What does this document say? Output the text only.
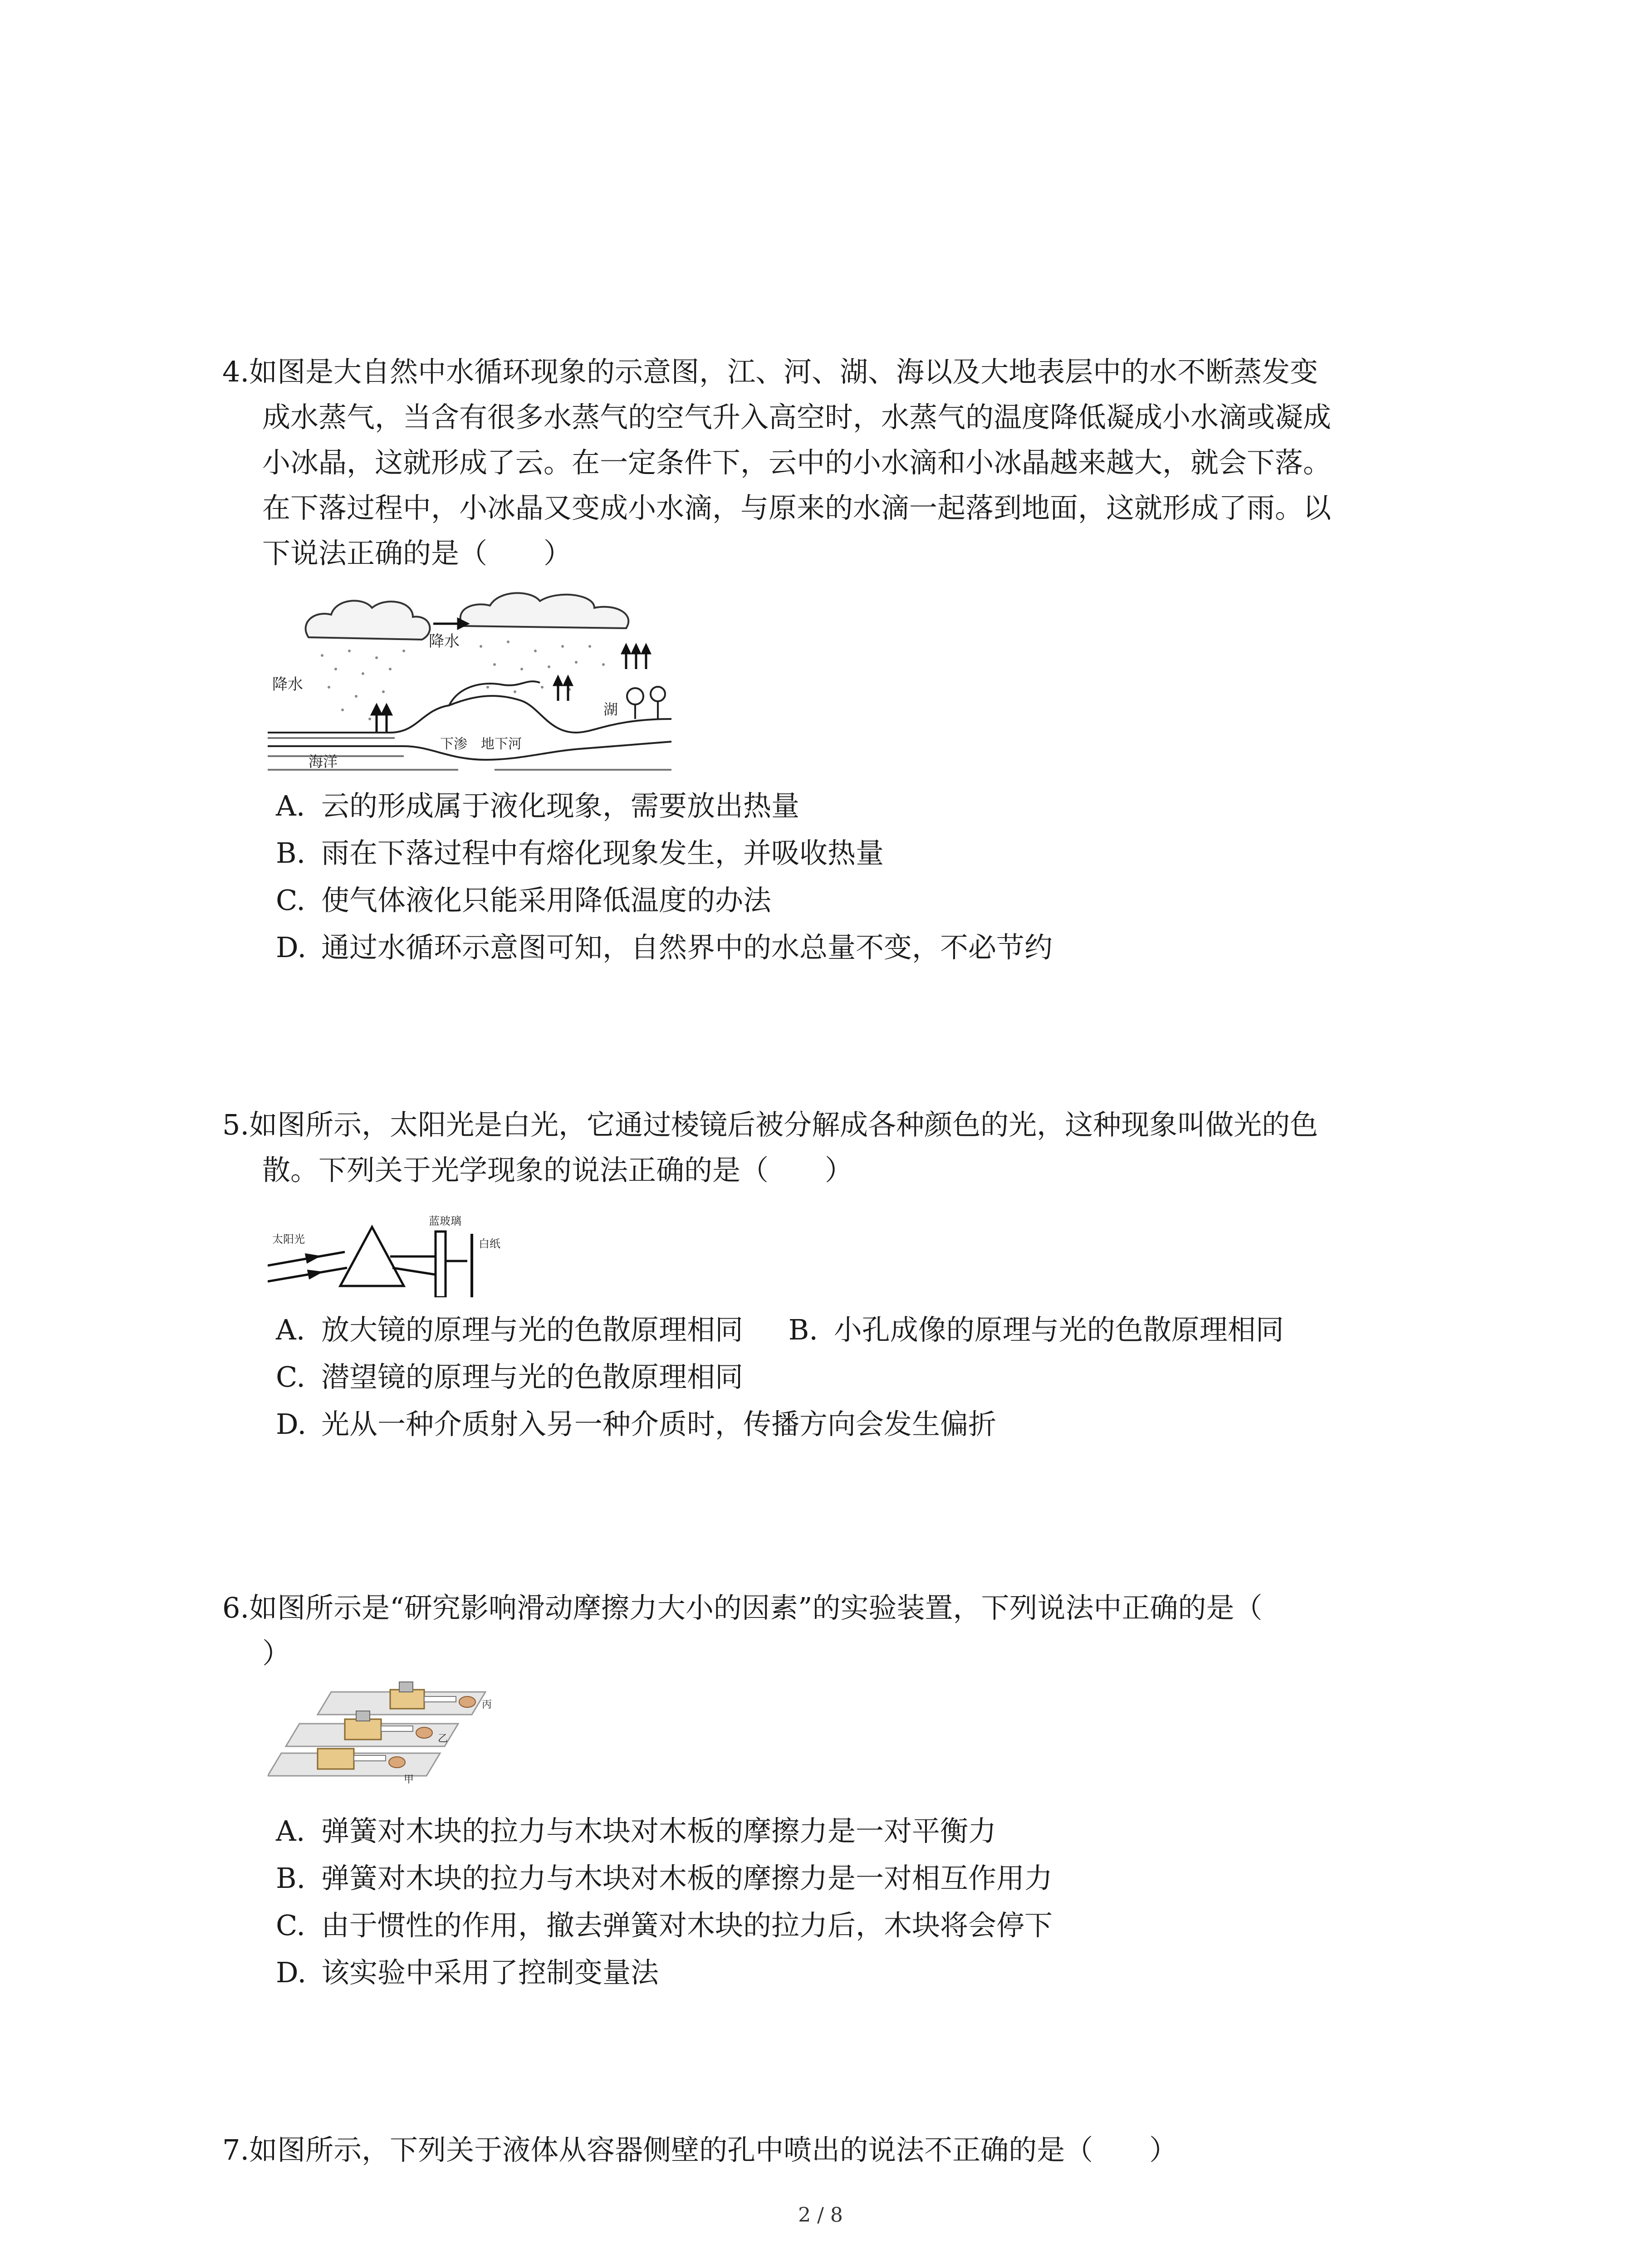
4.如图是大自然中水循环现象的示意图，江、河、湖、海以及大地表层中的水不断蒸发变
成水蒸气，当含有很多水蒸气的空气升入高空时，水蒸气的温度降低凝成小水滴或凝成
小冰晶，这就形成了云。在一定条件下，云中的小水滴和小冰晶越来越大，就会下落。
在下落过程中，小冰晶又变成小水滴，与原来的水滴一起落到地面，这就形成了雨。以
下说法正确的是（　　）

降水
降水
海洋
湖
下渗 地下河
A. 云的形成属于液化现象，需要放出热量
B. 雨在下落过程中有熔化现象发生，并吸收热量
C. 使气体液化只能采用降低温度的办法
D. 通过水循环示意图可知，自然界中的水总量不变，不必节约

5.如图所示，太阳光是白光，它通过棱镜后被分解成各种颜色的光，这种现象叫做光的色
散。下列关于光学现象的说法正确的是（　　）

太阳光
蓝玻璃
白纸
A. 放大镜的原理与光的色散原理相同 B. 小孔成像的原理与光的色散原理相同
C. 潜望镜的原理与光的色散原理相同
D. 光从一种介质射入另一种介质时，传播方向会发生偏折

6.如图所示是“研究影响滑动摩擦力大小的因素”的实验装置，下列说法中正确的是（
）

丙
乙
甲
A. 弹簧对木块的拉力与木块对木板的摩擦力是一对平衡力
B. 弹簧对木块的拉力与木块对木板的摩擦力是一对相互作用力
C. 由于惯性的作用，撤去弹簧对木块的拉力后，木块将会停下
D. 该实验中采用了控制变量法

7.如图所示，下列关于液体从容器侧壁的孔中喷出的说法不正确的是（　　）

2 / 8
